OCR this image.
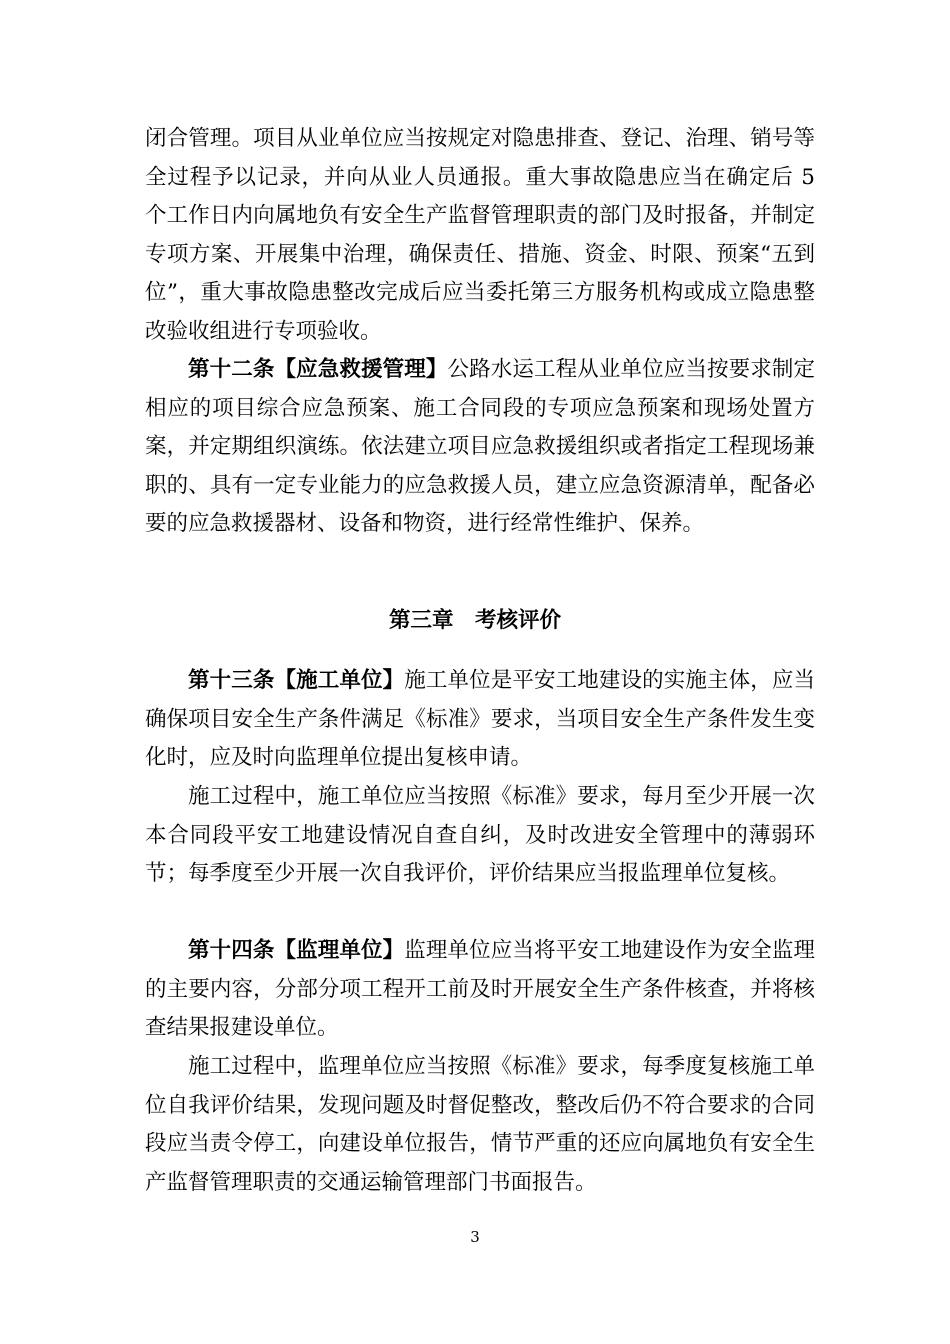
闭合管理。项目从业单位应当按规定对隐患排查、登记、治理、销号等全过程予以记录，并向从业人员通报。重大事故隐患应当在确定后 5 个工作日内向属地负有安全生产监督管理职责的部门及时报备，并制定专项方案、开展集中治理，确保责任、措施、资金、时限、预案“五到位”，重大事故隐患整改完成后应当委托第三方服务机构或成立隐患整改验收组进行专项验收。

第十二条【应急救援管理】公路水运工程从业单位应当按要求制定相应的项目综合应急预案、施工合同段的专项应急预案和现场处置方案，并定期组织演练。依法建立项目应急救援组织或者指定工程现场兼职的、具有一定专业能力的应急救援人员，建立应急资源清单，配备必要的应急救援器材、设备和物资，进行经常性维护、保养。

第三章　考核评价

第十三条【施工单位】施工单位是平安工地建设的实施主体，应当确保项目安全生产条件满足《标准》要求，当项目安全生产条件发生变化时，应及时向监理单位提出复核申请。

施工过程中，施工单位应当按照《标准》要求，每月至少开展一次本合同段平安工地建设情况自查自纠，及时改进安全管理中的薄弱环节；每季度至少开展一次自我评价，评价结果应当报监理单位复核。

第十四条【监理单位】监理单位应当将平安工地建设作为安全监理的主要内容，分部分项工程开工前及时开展安全生产条件核查，并将核查结果报建设单位。

施工过程中，监理单位应当按照《标准》要求，每季度复核施工单位自我评价结果，发现问题及时督促整改，整改后仍不符合要求的合同段应当责令停工，向建设单位报告，情节严重的还应向属地负有安全生产监督管理职责的交通运输管理部门书面报告。

3
